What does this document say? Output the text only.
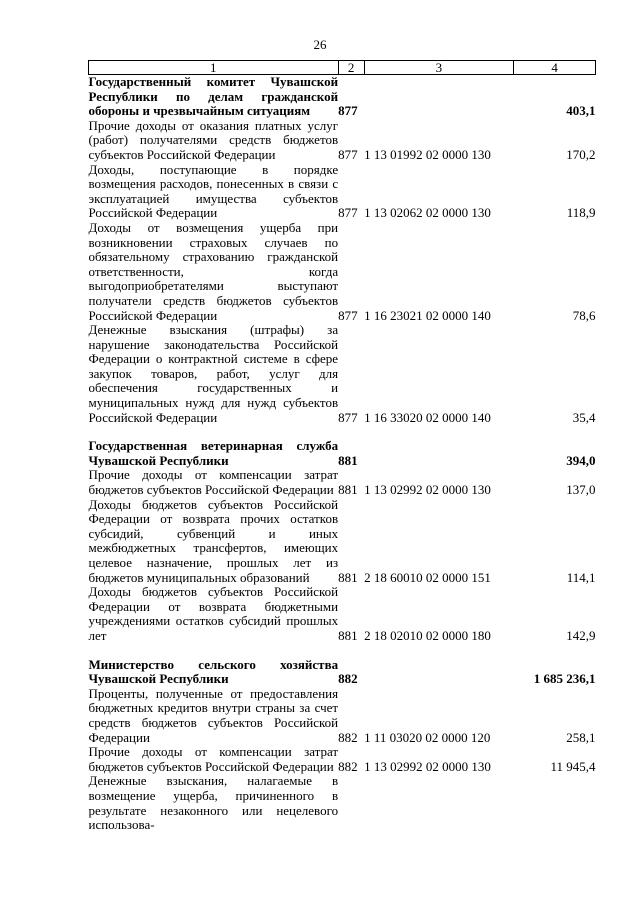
26
1	2	3	4
Государственный комитет Чувашской Республики по делам гражданской обороны и чрезвычайным ситуациям	877		403,1
Прочие доходы от оказания платных услуг (работ) получателями средств бюджетов субъектов Российской Федерации	877	1 13 01992 02 0000 130	170,2
Доходы, поступающие в порядке возмещения расходов, понесенных в связи с эксплуатацией имущества субъектов Российской Федерации	877	1 13 02062 02 0000 130	118,9
Доходы от возмещения ущерба при возникновении страховых случаев по обязательному страхованию гражданской ответственности, когда выгодоприобретателями выступают получатели средств бюджетов субъектов Российской Федерации	877	1 16 23021 02 0000 140	78,6
Денежные взыскания (штрафы) за нарушение законодательства Российской Федерации о контрактной системе в сфере закупок товаров, работ, услуг для обеспечения государственных и муниципальных нужд для нужд субъектов Российской Федерации	877	1 16 33020 02 0000 140	35,4

Государственная ветеринарная служба Чувашской Республики	881		394,0
Прочие доходы от компенсации затрат бюджетов субъектов Российской Федерации	881	1 13 02992 02 0000 130	137,0
Доходы бюджетов субъектов Российской Федерации от возврата прочих остатков субсидий, субвенций и иных межбюджетных трансфертов, имеющих целевое назначение, прошлых лет из бюджетов муниципальных образований	881	2 18 60010 02 0000 151	114,1
Доходы бюджетов субъектов Российской Федерации от возврата бюджетными учреждениями остатков субсидий прошлых лет	881	2 18 02010 02 0000 180	142,9

Министерство сельского хозяйства Чувашской Республики	882		1 685 236,1
Проценты, полученные от предоставления бюджетных кредитов внутри страны за счет средств бюджетов субъектов Российской Федерации	882	1 11 03020 02 0000 120	258,1
Прочие доходы от компенсации затрат бюджетов субъектов Российской Федерации	882	1 13 02992 02 0000 130	11 945,4
Денежные взыскания, налагаемые в возмещение ущерба, причиненного в результате незаконного или нецелевого использова-			
